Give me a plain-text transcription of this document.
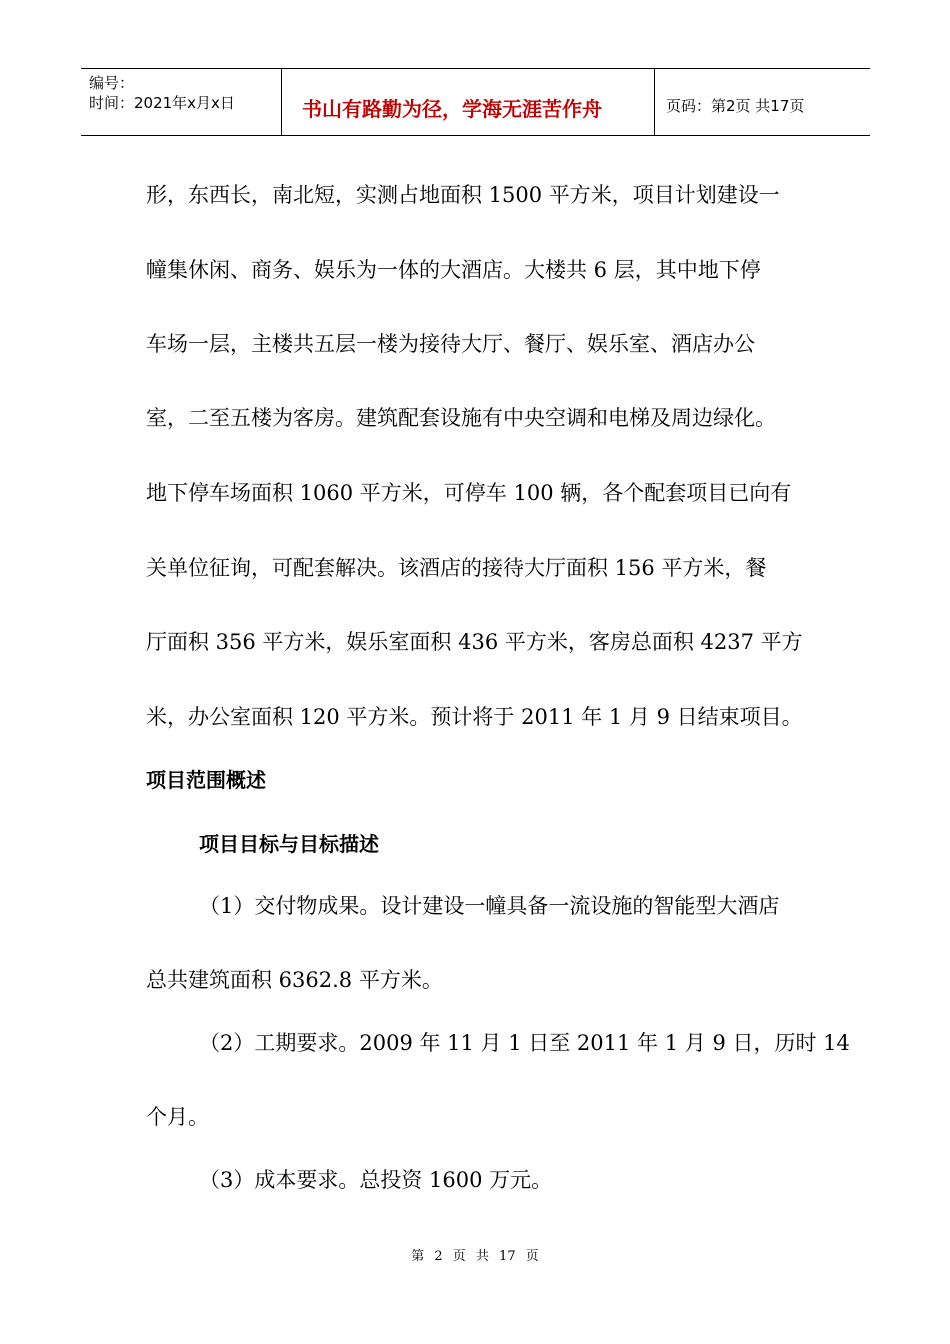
编号：
时间：2021年x月x日	书山有路勤为径，学海无涯苦作舟	页码：第2页 共17页

形，东西长，南北短，实测占地面积 1500 平方米，项目计划建设一

幢集休闲、商务、娱乐为一体的大酒店。大楼共 6 层，其中地下停

车场一层，主楼共五层一楼为接待大厅、餐厅、娱乐室、酒店办公

室，二至五楼为客房。建筑配套设施有中央空调和电梯及周边绿化。

地下停车场面积 1060 平方米，可停车 100 辆，各个配套项目已向有

关单位征询，可配套解决。该酒店的接待大厅面积 156 平方米，餐

厅面积 356 平方米，娱乐室面积 436 平方米，客房总面积 4237 平方

米，办公室面积 120 平方米。预计将于 2011 年 1 月 9 日结束项目。

项目范围概述

项目目标与目标描述

（1）交付物成果。设计建设一幢具备一流设施的智能型大酒店

总共建筑面积 6362.8 平方米。

（2）工期要求。2009 年 11 月 1 日至 2011 年 1 月 9 日，历时 14

个月。

（3）成本要求。总投资 1600 万元。

第 2 页 共 17 页
